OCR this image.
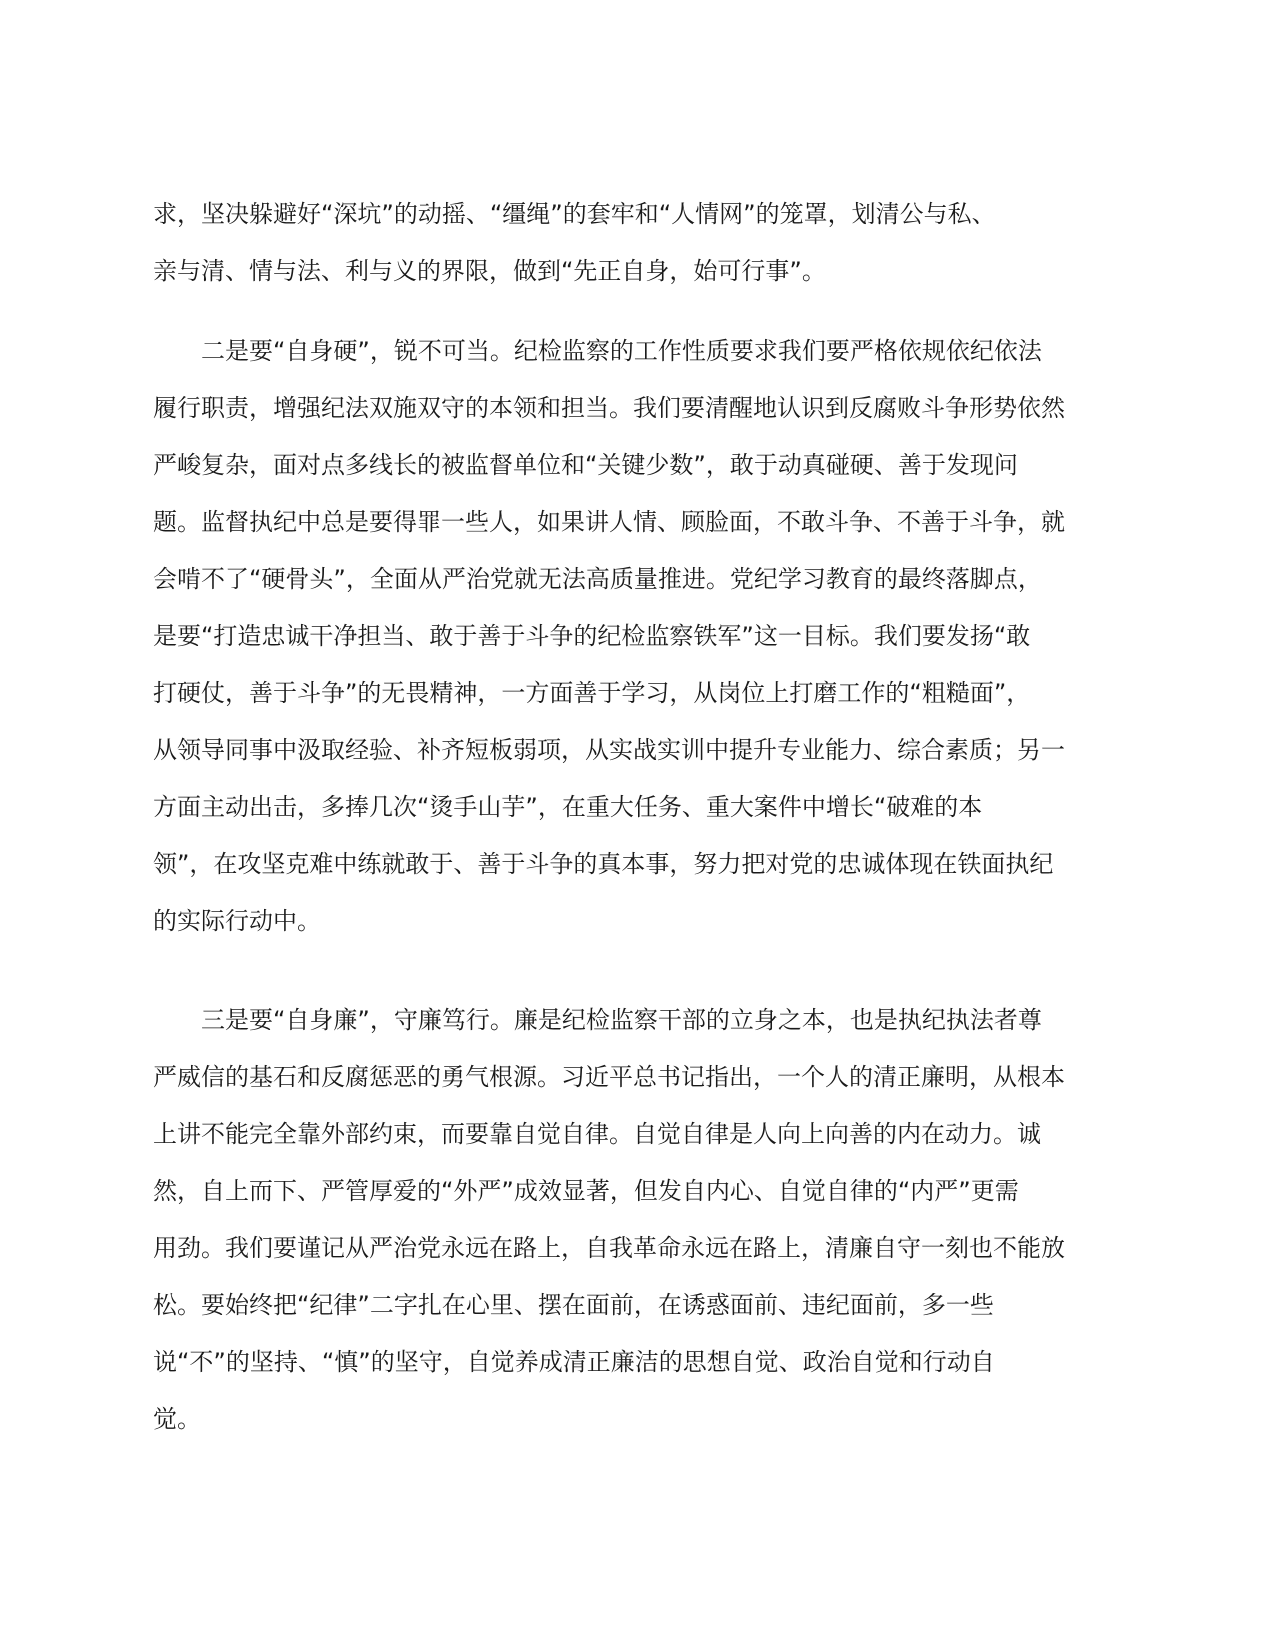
求，坚决躲避好“深坑”的动摇、“缰绳”的套牢和“人情网”的笼罩，划清公与私、
亲与清、情与法、利与义的界限，做到“先正自身，始可行事”。
　　二是要“自身硬”，锐不可当。纪检监察的工作性质要求我们要严格依规依纪依法
履行职责，增强纪法双施双守的本领和担当。我们要清醒地认识到反腐败斗争形势依然
严峻复杂，面对点多线长的被监督单位和“关键少数”，敢于动真碰硬、善于发现问
题。监督执纪中总是要得罪一些人，如果讲人情、顾脸面，不敢斗争、不善于斗争，就
会啃不了“硬骨头”，全面从严治党就无法高质量推进。党纪学习教育的最终落脚点，
是要“打造忠诚干净担当、敢于善于斗争的纪检监察铁军”这一目标。我们要发扬“敢
打硬仗，善于斗争”的无畏精神，一方面善于学习，从岗位上打磨工作的“粗糙面”，
从领导同事中汲取经验、补齐短板弱项，从实战实训中提升专业能力、综合素质；另一
方面主动出击，多捧几次“烫手山芋”，在重大任务、重大案件中增长“破难的本
领”，在攻坚克难中练就敢于、善于斗争的真本事，努力把对党的忠诚体现在铁面执纪
的实际行动中。
　　三是要“自身廉”，守廉笃行。廉是纪检监察干部的立身之本，也是执纪执法者尊
严威信的基石和反腐惩恶的勇气根源。习近平总书记指出，一个人的清正廉明，从根本
上讲不能完全靠外部约束，而要靠自觉自律。自觉自律是人向上向善的内在动力。诚
然，自上而下、严管厚爱的“外严”成效显著，但发自内心、自觉自律的“内严”更需
用劲。我们要谨记从严治党永远在路上，自我革命永远在路上，清廉自守一刻也不能放
松。要始终把“纪律”二字扎在心里、摆在面前，在诱惑面前、违纪面前，多一些
说“不”的坚持、“慎”的坚守，自觉养成清正廉洁的思想自觉、政治自觉和行动自
觉。
